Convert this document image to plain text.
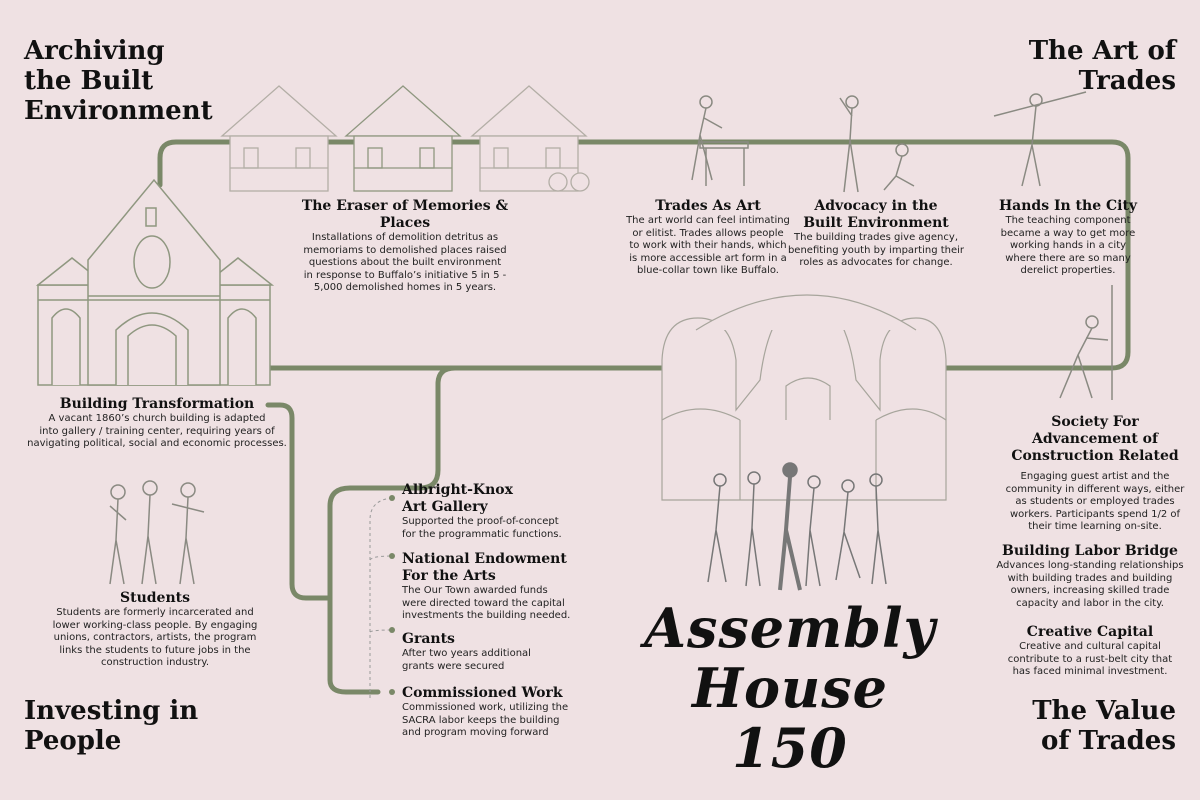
Archiving
the Built
Environment
The Art of
Trades
Investing in
People
The Value
of Trades
Assembly
House 150
The Eraser of Memories & Places
Installations of demolition detritus as
memoriams to demolished places raised
questions about the built environment
in response to Buffalo’s initiative 5 in 5 -
5,000 demolished homes in 5 years.
Trades As Art
The art world can feel intimating
or elitist. Trades allows people
to work with their hands, which
is more accessible art form in a
blue-collar town like Buffalo.
Advocacy in the
Built Environment
The building trades give agency,
benefiting youth by imparting their
roles as advocates for change.
Hands In the City
The teaching component
became a way to get more
working hands in a city
where there are so many
derelict properties.
Building Transformation
A vacant 1860’s church building is adapted
into gallery / training center, requiring years of
navigating political, social and economic processes.
Students
Students are formerly incarcerated and
lower working-class people. By engaging
unions, contractors, artists, the program
links the students to future jobs in the
construction industry.
Albright-Knox
Art Gallery
Supported the proof-of-concept
for the programmatic functions.
National Endowment
For the Arts
The Our Town awarded funds
were directed toward the capital
investments the building needed.
Grants
After two years additional
grants were secured
Commissioned Work
Commissioned work, utilizing the
SACRA labor keeps the building
and program moving forward
Society For
Advancement of
Construction Related
Engaging guest artist and the
community in different ways, either
as students or employed trades
workers. Participants spend 1/2 of
their time learning on-site.
Building Labor Bridge
Advances long-standing relationships
with building trades and building
owners, increasing skilled trade
capacity and labor in the city.
Creative Capital
Creative and cultural capital
contribute to a rust-belt city that
has faced minimal investment.
